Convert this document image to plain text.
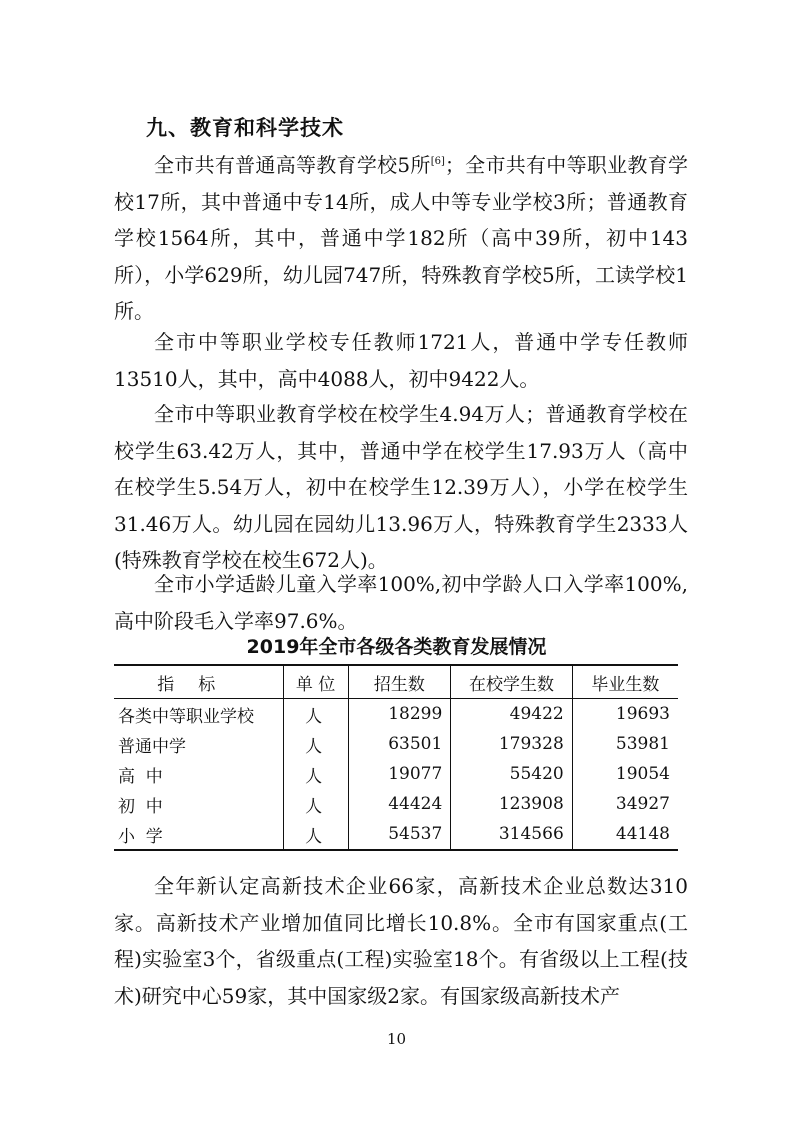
九、教育和科学技术

全市共有普通高等教育学校5所[6]；全市共有中等职业教育学校17所，其中普通中专14所，成人中等专业学校3所；普通教育学校1564所，其中，普通中学182所（高中39所，初中143所），小学629所，幼儿园747所，特殊教育学校5所，工读学校1所。

全市中等职业学校专任教师1721人，普通中学专任教师13510人，其中，高中4088人，初中9422人。

全市中等职业教育学校在校学生4.94万人；普通教育学校在校学生63.42万人，其中，普通中学在校学生17.93万人（高中在校学生5.54万人，初中在校学生12.39万人），小学在校学生31.46万人。幼儿园在园幼儿13.96万人，特殊教育学生2333人(特殊教育学校在校生672人)。

全市小学适龄儿童入学率100%,初中学龄人口入学率100%,高中阶段毛入学率97.6%。

2019年全市各级各类教育发展情况
指标	单 位	招生数	在校学生数	毕业生数
各类中等职业学校	人	18299	49422	19693
普通中学	人	63501	179328	53981
高  中	人	19077	55420	19054
初  中	人	44424	123908	34927
小  学	人	54537	314566	44148

全年新认定高新技术企业66家，高新技术企业总数达310家。高新技术产业增加值同比增长10.8%。全市有国家重点(工程)实验室3个，省级重点(工程)实验室18个。有省级以上工程(技术)研究中心59家，其中国家级2家。有国家级高新技术产

10
